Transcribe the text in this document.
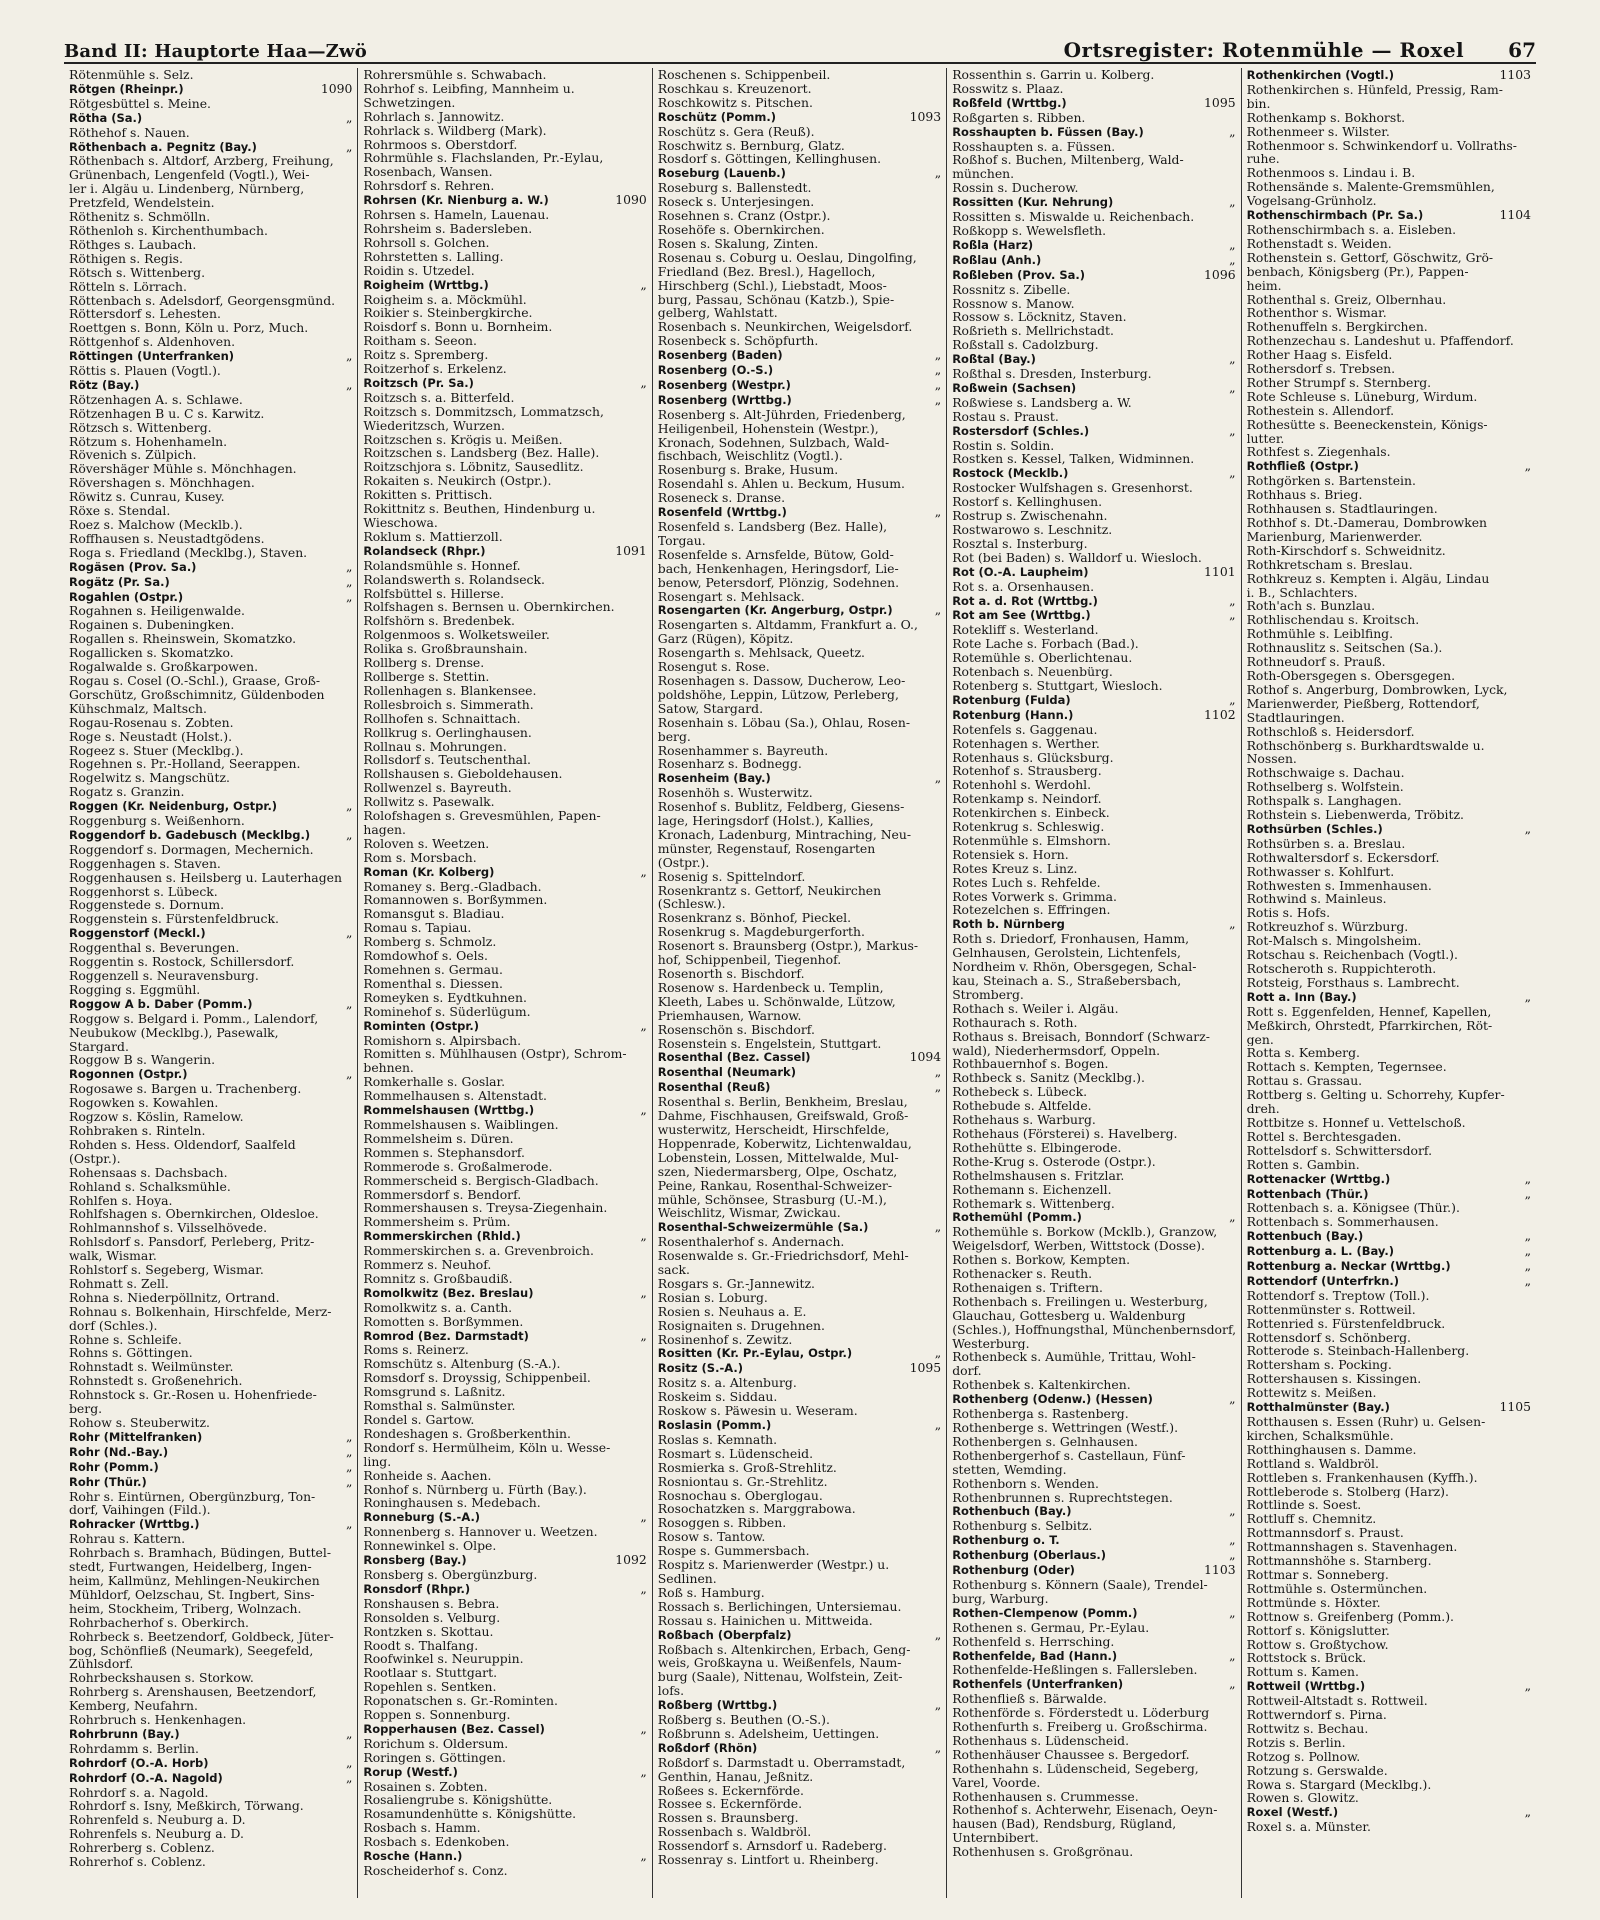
Band II: Hauptorte Haa—Zwö	Ortsregister: Rotenmühle — Roxel 67
Rötenmühle s. Selz.
Rötgen (Rheinpr.)	1090
Rötgesbüttel s. Meine.
Rötha (Sa.)	„
Röthehof s. Nauen.
Röthenbach a. Pegnitz (Bay.)	„
Röthenbach s. Altdorf, Arzberg, Freihung,
Grünenbach, Lengenfeld (Vogtl.), Wei-
ler i. Algäu u. Lindenberg, Nürnberg,
Pretzfeld, Wendelstein.
Röthenitz s. Schmölln.
Röthenloh s. Kirchenthumbach.
Röthges s. Laubach.
Röthigen s. Regis.
Rötsch s. Wittenberg.
Rötteln s. Lörrach.
Röttenbach s. Adelsdorf, Georgensgmünd.
Röttersdorf s. Lehesten.
Roettgen s. Bonn, Köln u. Porz, Much.
Röttgenhof s. Aldenhoven.
Röttingen (Unterfranken)	„
Röttis s. Plauen (Vogtl.).
Rötz (Bay.)	„
Rötzenhagen A. s. Schlawe.
Rötzenhagen B u. C s. Karwitz.
Rötzsch s. Wittenberg.
Rötzum s. Hohenhameln.
Rövenich s. Zülpich.
Rövershäger Mühle s. Mönchhagen.
Rövershagen s. Mönchhagen.
Röwitz s. Cunrau, Kusey.
Röxe s. Stendal.
Roez s. Malchow (Mecklb.).
Roffhausen s. Neustadtgödens.
Roga s. Friedland (Mecklbg.), Staven.
Rogäsen (Prov. Sa.)	„
Rogätz (Pr. Sa.)	„
Rogahlen (Ostpr.)	„
Rogahnen s. Heiligenwalde.
Rogainen s. Dubeningken.
Rogallen s. Rheinswein, Skomatzko.
Rogallicken s. Skomatzko.
Rogalwalde s. Großkarpowen.
Rogau s. Cosel (O.-Schl.), Graase, Groß-
Gorschütz, Großschimnitz, Güldenboden
Kühschmalz, Maltsch.
Rogau-Rosenau s. Zobten.
Roge s. Neustadt (Holst.).
Rogeez s. Stuer (Mecklbg.).
Rogehnen s. Pr.-Holland, Seerappen.
Rogelwitz s. Mangschütz.
Rogatz s. Granzin.
Roggen (Kr. Neidenburg, Ostpr.)	„
Roggenburg s. Weißenhorn.
Roggendorf b. Gadebusch (Mecklbg.)	„
Roggendorf s. Dormagen, Mechernich.
Roggenhagen s. Staven.
Roggenhausen s. Heilsberg u. Lauterhagen
Roggenhorst s. Lübeck.
Roggenstede s. Dornum.
Roggenstein s. Fürstenfeldbruck.
Roggenstorf (Meckl.)	„
Roggenthal s. Beverungen.
Roggentin s. Rostock, Schillersdorf.
Roggenzell s. Neuravensburg.
Rogging s. Eggmühl.
Roggow A b. Daber (Pomm.)	„
Roggow s. Belgard i. Pomm., Lalendorf,
Neubukow (Mecklbg.), Pasewalk,
Stargard.
Roggow B s. Wangerin.
Rogonnen (Ostpr.)	„
Rogosawe s. Bargen u. Trachenberg.
Rogowken s. Kowahlen.
Rogzow s. Köslin, Ramelow.
Rohbraken s. Rinteln.
Rohden s. Hess. Oldendorf, Saalfeld
(Ostpr.).
Rohensaas s. Dachsbach.
Rohland s. Schalksmühle.
Rohlfen s. Hoya.
Rohlfshagen s. Obernkirchen, Oldesloe.
Rohlmannshof s. Vilsselhövede.
Rohlsdorf s. Pansdorf, Perleberg, Pritz-
walk, Wismar.
Rohlstorf s. Segeberg, Wismar.
Rohmatt s. Zell.
Rohna s. Niederpöllnitz, Ortrand.
Rohnau s. Bolkenhain, Hirschfelde, Merz-
dorf (Schles.).
Rohne s. Schleife.
Rohns s. Göttingen.
Rohnstadt s. Weilmünster.
Rohnstedt s. Großenehrich.
Rohnstock s. Gr.-Rosen u. Hohenfriede-
berg.
Rohow s. Steuberwitz.
Rohr (Mittelfranken)	„
Rohr (Nd.-Bay.)	„
Rohr (Pomm.)	„
Rohr (Thür.)	„
Rohr s. Eintürnen, Obergünzburg, Ton-
dorf, Vaihingen (Fild.).
Rohracker (Wrttbg.)	„
Rohrau s. Kattern.
Rohrbach s. Bramhach, Büdingen, Buttel-
stedt, Furtwangen, Heidelberg, Ingen-
heim, Kallmünz, Mehlingen-Neukirchen
Mühldorf, Oelzschau, St. Ingbert, Sins-
heim, Stockheim, Triberg, Wolnzach.
Rohrbacherhof s. Oberkirch.
Rohrbeck s. Beetzendorf, Goldbeck, Jüter-
bog, Schönfließ (Neumark), Seegefeld,
Zühlsdorf.
Rohrbeckshausen s. Storkow.
Rohrberg s. Arenshausen, Beetzendorf,
Kemberg, Neufahrn.
Rohrbruch s. Henkenhagen.
Rohrbrunn (Bay.)	„
Rohrdamm s. Berlin.
Rohrdorf (O.-A. Horb)	„
Rohrdorf (O.-A. Nagold)	„
Rohrdorf s. a. Nagold.
Rohrdorf s. Isny, Meßkirch, Törwang.
Rohrenfeld s. Neuburg a. D.
Rohrenfels s. Neuburg a. D.
Rohrerberg s. Coblenz.
Rohrerhof s. Coblenz.
Rohrersmühle s. Schwabach.
Rohrhof s. Leibfing, Mannheim u.
Schwetzingen.
Rohrlach s. Jannowitz.
Rohrlack s. Wildberg (Mark).
Rohrmoos s. Oberstdorf.
Rohrmühle s. Flachslanden, Pr.-Eylau,
Rosenbach, Wansen.
Rohrsdorf s. Rehren.
Rohrsen (Kr. Nienburg a. W.)	1090
Rohrsen s. Hameln, Lauenau.
Rohrsheim s. Badersleben.
Rohrsoll s. Golchen.
Rohrstetten s. Lalling.
Roidin s. Utzedel.
Roigheim (Wrttbg.)	„
Roigheim s. a. Möckmühl.
Roikier s. Steinbergkirche.
Roisdorf s. Bonn u. Bornheim.
Roitham s. Seeon.
Roitz s. Spremberg.
Roitzerhof s. Erkelenz.
Roitzsch (Pr. Sa.)	„
Roitzsch s. a. Bitterfeld.
Roitzsch s. Dommitzsch, Lommatzsch,
Wiederitzsch, Wurzen.
Roitzschen s. Krögis u. Meißen.
Roitzschen s. Landsberg (Bez. Halle).
Roitzschjora s. Löbnitz, Sausedlitz.
Rokaiten s. Neukirch (Ostpr.).
Rokitten s. Prittisch.
Rokittnitz s. Beuthen, Hindenburg u.
Wieschowa.
Roklum s. Mattierzoll.
Rolandseck (Rhpr.)	1091
Rolandsmühle s. Honnef.
Rolandswerth s. Rolandseck.
Rolfsbüttel s. Hillerse.
Rolfshagen s. Bernsen u. Obernkirchen.
Rolfshörn s. Bredenbek.
Rolgenmoos s. Wolketsweiler.
Rolika s. Großbraunshain.
Rollberg s. Drense.
Rollberge s. Stettin.
Rollenhagen s. Blankensee.
Rollesbroich s. Simmerath.
Rollhofen s. Schnaittach.
Rollkrug s. Oerlinghausen.
Rollnau s. Mohrungen.
Rollsdorf s. Teutschenthal.
Rollshausen s. Gieboldehausen.
Rollwenzel s. Bayreuth.
Rollwitz s. Pasewalk.
Rolofshagen s. Grevesmühlen, Papen-
hagen.
Roloven s. Weetzen.
Rom s. Morsbach.
Roman (Kr. Kolberg)	„
Romaney s. Berg.-Gladbach.
Romannowen s. Borßymmen.
Romansgut s. Bladiau.
Romau s. Tapiau.
Romberg s. Schmolz.
Romdowhof s. Oels.
Romehnen s. Germau.
Romenthal s. Diessen.
Romeyken s. Eydtkuhnen.
Rominehof s. Süderlügum.
Rominten (Ostpr.)	„
Romishorn s. Alpirsbach.
Romitten s. Mühlhausen (Ostpr), Schrom-
behnen.
Romkerhalle s. Goslar.
Rommelhausen s. Altenstadt.
Rommelshausen (Wrttbg.)	„
Rommelshausen s. Waiblingen.
Rommelsheim s. Düren.
Rommen s. Stephansdorf.
Rommerode s. Großalmerode.
Rommerscheid s. Bergisch-Gladbach.
Rommersdorf s. Bendorf.
Rommershausen s. Treysa-Ziegenhain.
Rommersheim s. Prüm.
Rommerskirchen (Rhld.)	„
Rommerskirchen s. a. Grevenbroich.
Rommerz s. Neuhof.
Romnitz s. Großbaudiß.
Romolkwitz (Bez. Breslau)	„
Romolkwitz s. a. Canth.
Romotten s. Borßymmen.
Romrod (Bez. Darmstadt)	„
Roms s. Reinerz.
Romschütz s. Altenburg (S.-A.).
Romsdorf s. Droyssig, Schippenbeil.
Romsgrund s. Laßnitz.
Romsthal s. Salmünster.
Rondel s. Gartow.
Rondeshagen s. Großberkenthin.
Rondorf s. Hermülheim, Köln u. Wesse-
ling.
Ronheide s. Aachen.
Ronhof s. Nürnberg u. Fürth (Bay.).
Roninghausen s. Medebach.
Ronneburg (S.-A.)	„
Ronnenberg s. Hannover u. Weetzen.
Ronnewinkel s. Olpe.
Ronsberg (Bay.)	1092
Ronsberg s. Obergünzburg.
Ronsdorf (Rhpr.)	„
Ronshausen s. Bebra.
Ronsolden s. Velburg.
Rontzken s. Skottau.
Roodt s. Thalfang.
Roofwinkel s. Neuruppin.
Rootlaar s. Stuttgart.
Ropehlen s. Sentken.
Roponatschen s. Gr.-Rominten.
Roppen s. Sonnenburg.
Ropperhausen (Bez. Cassel)	„
Rorichum s. Oldersum.
Roringen s. Göttingen.
Rorup (Westf.)	„
Rosainen s. Zobten.
Rosaliengrube s. Königshütte.
Rosamundenhütte s. Königshütte.
Rosbach s. Hamm.
Rosbach s. Edenkoben.
Rosche (Hann.)	„
Roscheiderhof s. Conz.
Roschenen s. Schippenbeil.
Roschkau s. Kreuzenort.
Roschkowitz s. Pitschen.
Roschütz (Pomm.)	1093
Roschütz s. Gera (Reuß).
Roschwitz s. Bernburg, Glatz.
Rosdorf s. Göttingen, Kellinghusen.
Roseburg (Lauenb.)	„
Roseburg s. Ballenstedt.
Roseck s. Unterjesingen.
Rosehnen s. Cranz (Ostpr.).
Rosehöfe s. Obernkirchen.
Rosen s. Skalung, Zinten.
Rosenau s. Coburg u. Oeslau, Dingolfing,
Friedland (Bez. Bresl.), Hagelloch,
Hirschberg (Schl.), Liebstadt, Moos-
burg, Passau, Schönau (Katzb.), Spie-
gelberg, Wahlstatt.
Rosenbach s. Neunkirchen, Weigelsdorf.
Rosenbeck s. Schöpfurth.
Rosenberg (Baden)	„
Rosenberg (O.-S.)	„
Rosenberg (Westpr.)	„
Rosenberg (Wrttbg.)	„
Rosenberg s. Alt-Jührden, Friedenberg,
Heiligenbeil, Hohenstein (Westpr.),
Kronach, Sodehnen, Sulzbach, Wald-
fischbach, Weischlitz (Vogtl.).
Rosenburg s. Brake, Husum.
Rosendahl s. Ahlen u. Beckum, Husum.
Roseneck s. Dranse.
Rosenfeld (Wrttbg.)	„
Rosenfeld s. Landsberg (Bez. Halle),
Torgau.
Rosenfelde s. Arnsfelde, Bütow, Gold-
bach, Henkenhagen, Heringsdorf, Lie-
benow, Petersdorf, Plönzig, Sodehnen.
Rosengart s. Mehlsack.
Rosengarten (Kr. Angerburg, Ostpr.)	„
Rosengarten s. Altdamm, Frankfurt a. O.,
Garz (Rügen), Köpitz.
Rosengarth s. Mehlsack, Queetz.
Rosengut s. Rose.
Rosenhagen s. Dassow, Ducherow, Leo-
poldshöhe, Leppin, Lützow, Perleberg,
Satow, Stargard.
Rosenhain s. Löbau (Sa.), Ohlau, Rosen-
berg.
Rosenhammer s. Bayreuth.
Rosenharz s. Bodnegg.
Rosenheim (Bay.)	„
Rosenhöh s. Wusterwitz.
Rosenhof s. Bublitz, Feldberg, Giesens-
lage, Heringsdorf (Holst.), Kallies,
Kronach, Ladenburg, Mintraching, Neu-
münster, Regenstauf, Rosengarten
(Ostpr.).
Rosenig s. Spittelndorf.
Rosenkrantz s. Gettorf, Neukirchen
(Schlesw.).
Rosenkranz s. Bönhof, Pieckel.
Rosenkrug s. Magdeburgerforth.
Rosenort s. Braunsberg (Ostpr.), Markus-
hof, Schippenbeil, Tiegenhof.
Rosenorth s. Bischdorf.
Rosenow s. Hardenbeck u. Templin,
Kleeth, Labes u. Schönwalde, Lützow,
Priemhausen, Warnow.
Rosenschön s. Bischdorf.
Rosenstein s. Engelstein, Stuttgart.
Rosenthal (Bez. Cassel)	1094
Rosenthal (Neumark)	„
Rosenthal (Reuß)	„
Rosenthal s. Berlin, Benkheim, Breslau,
Dahme, Fischhausen, Greifswald, Groß-
wusterwitz, Herscheidt, Hirschfelde,
Hoppenrade, Koberwitz, Lichtenwaldau,
Lobenstein, Lossen, Mittelwalde, Mul-
szen, Niedermarsberg, Olpe, Oschatz,
Peine, Rankau, Rosenthal-Schweizer-
mühle, Schönsee, Strasburg (U.-M.),
Weischlitz, Wismar, Zwickau.
Rosenthal-Schweizermühle (Sa.)	„
Rosenthalerhof s. Andernach.
Rosenwalde s. Gr.-Friedrichsdorf, Mehl-
sack.
Rosgars s. Gr.-Jannewitz.
Rosian s. Loburg.
Rosien s. Neuhaus a. E.
Rosignaiten s. Drugehnen.
Rosinenhof s. Zewitz.
Rositten (Kr. Pr.-Eylau, Ostpr.)	„
Rositz (S.-A.)	1095
Rositz s. a. Altenburg.
Roskeim s. Siddau.
Roskow s. Päwesin u. Weseram.
Roslasin (Pomm.)	„
Roslas s. Kemnath.
Rosmart s. Lüdenscheid.
Rosmierka s. Groß-Strehlitz.
Rosniontau s. Gr.-Strehlitz.
Rosnochau s. Oberglogau.
Rosochatzken s. Marggrabowa.
Rosoggen s. Ribben.
Rosow s. Tantow.
Rospe s. Gummersbach.
Rospitz s. Marienwerder (Westpr.) u.
Sedlinen.
Roß s. Hamburg.
Rossach s. Berlichingen, Untersiemau.
Rossau s. Hainichen u. Mittweida.
Roßbach (Oberpfalz)	„
Roßbach s. Altenkirchen, Erbach, Geng-
weis, Großkayna u. Weißenfels, Naum-
burg (Saale), Nittenau, Wolfstein, Zeit-
lofs.
Roßberg (Wrttbg.)	„
Roßberg s. Beuthen (O.-S.).
Roßbrunn s. Adelsheim, Uettingen.
Roßdorf (Rhön)	„
Roßdorf s. Darmstadt u. Oberramstadt,
Genthin, Hanau, Jeßnitz.
Roßees s. Eckernförde.
Rossee s. Eckernförde.
Rossen s. Braunsberg.
Rossenbach s. Waldbröl.
Rossendorf s. Arnsdorf u. Radeberg.
Rossenray s. Lintfort u. Rheinberg.
Rossenthin s. Garrin u. Kolberg.
Rosswitz s. Plaaz.
Roßfeld (Wrttbg.)	1095
Roßgarten s. Ribben.
Rosshaupten b. Füssen (Bay.)	„
Rosshaupten s. a. Füssen.
Roßhof s. Buchen, Miltenberg, Wald-
münchen.
Rossin s. Ducherow.
Rossitten (Kur. Nehrung)	„
Rossitten s. Miswalde u. Reichenbach.
Roßkopp s. Wewelsfleth.
Roßla (Harz)	„
Roßlau (Anh.)	„
Roßleben (Prov. Sa.)	1096
Rossnitz s. Zibelle.
Rossnow s. Manow.
Rossow s. Löcknitz, Staven.
Roßrieth s. Mellrichstadt.
Roßstall s. Cadolzburg.
Roßtal (Bay.)	„
Roßthal s. Dresden, Insterburg.
Roßwein (Sachsen)	„
Roßwiese s. Landsberg a. W.
Rostau s. Praust.
Rostersdorf (Schles.)	„
Rostin s. Soldin.
Rostken s. Kessel, Talken, Widminnen.
Rostock (Mecklb.)	„
Rostocker Wulfshagen s. Gresenhorst.
Rostorf s. Kellinghusen.
Rostrup s. Zwischenahn.
Rostwarowo s. Leschnitz.
Rosztal s. Insterburg.
Rot (bei Baden) s. Walldorf u. Wiesloch.
Rot (O.-A. Laupheim)	1101
Rot s. a. Orsenhausen.
Rot a. d. Rot (Wrttbg.)	„
Rot am See (Wrttbg.)	„
Rotekliff s. Westerland.
Rote Lache s. Forbach (Bad.).
Rotemühle s. Oberlichtenau.
Rotenbach s. Neuenbürg.
Rotenberg s. Stuttgart, Wiesloch.
Rotenburg (Fulda)	„
Rotenburg (Hann.)	1102
Rotenfels s. Gaggenau.
Rotenhagen s. Werther.
Rotenhaus s. Glücksburg.
Rotenhof s. Strausberg.
Rotenhohl s. Werdohl.
Rotenkamp s. Neindorf.
Rotenkirchen s. Einbeck.
Rotenkrug s. Schleswig.
Rotenmühle s. Elmshorn.
Rotensiek s. Horn.
Rotes Kreuz s. Linz.
Rotes Luch s. Rehfelde.
Rotes Vorwerk s. Grimma.
Rotezelchen s. Effringen.
Roth b. Nürnberg	„
Roth s. Driedorf, Fronhausen, Hamm,
Gelnhausen, Gerolstein, Lichtenfels,
Nordheim v. Rhön, Obersgegen, Schal-
kau, Steinach a. S., Straßebersbach,
Stromberg.
Rothach s. Weiler i. Algäu.
Rothaurach s. Roth.
Rothaus s. Breisach, Bonndorf (Schwarz-
wald), Niederhermsdorf, Oppeln.
Rothbauernhof s. Bogen.
Rothbeck s. Sanitz (Mecklbg.).
Rothebeck s. Lübeck.
Rothebude s. Altfelde.
Rothehaus s. Warburg.
Rothehaus (Försterei) s. Havelberg.
Rothehütte s. Elbingerode.
Rothe-Krug s. Osterode (Ostpr.).
Rothelmshausen s. Fritzlar.
Rothemann s. Eichenzell.
Rothemark s. Wittenberg.
Rothemühl (Pomm.)	„
Rothemühle s. Borkow (Mcklb.), Granzow,
Weigelsdorf, Werben, Wittstock (Dosse).
Rothen s. Borkow, Kempten.
Rothenacker s. Reuth.
Rothenaigen s. Triftern.
Rothenbach s. Freilingen u. Westerburg,
Glauchau, Gottesberg u. Waldenburg
(Schles.), Hoffnungsthal, Münchenbernsdorf,
Westerburg.
Rothenbeck s. Aumühle, Trittau, Wohl-
dorf.
Rothenbek s. Kaltenkirchen.
Rothenberg (Odenw.) (Hessen)	„
Rothenberga s. Rastenberg.
Rothenberge s. Wettringen (Westf.).
Rothenbergen s. Gelnhausen.
Rothenbergerhof s. Castellaun, Fünf-
stetten, Wemding.
Rothenborn s. Wenden.
Rothenbrunnen s. Ruprechtstegen.
Rothenbuch (Bay.)	„
Rothenburg s. Selbitz.
Rothenburg o. T.	„
Rothenburg (Oberlaus.)	„
Rothenburg (Oder)	1103
Rothenburg s. Könnern (Saale), Trendel-
burg, Warburg.
Rothen-Clempenow (Pomm.)	„
Rothenen s. Germau, Pr.-Eylau.
Rothenfeld s. Herrsching.
Rothenfelde, Bad (Hann.)	„
Rothenfelde-Heßlingen s. Fallersleben.
Rothenfels (Unterfranken)	„
Rothenfließ s. Bärwalde.
Rothenförde s. Förderstedt u. Löderburg
Rothenfurth s. Freiberg u. Großschirma.
Rothenhaus s. Lüdenscheid.
Rothenhäuser Chaussee s. Bergedorf.
Rothenhahn s. Lüdenscheid, Segeberg,
Varel, Voorde.
Rothenhausen s. Crummesse.
Rothenhof s. Achterwehr, Eisenach, Oeyn-
hausen (Bad), Rendsburg, Rügland,
Unternbibert.
Rothenhusen s. Großgrönau.
Rothenkirchen (Vogtl.)	1103
Rothenkirchen s. Hünfeld, Pressig, Ram-
bin.
Rothenkamp s. Bokhorst.
Rothenmeer s. Wilster.
Rothenmoor s. Schwinkendorf u. Vollraths-
ruhe.
Rothenmoos s. Lindau i. B.
Rothensände s. Malente-Gremsmühlen,
Vogelsang-Grünholz.
Rothenschirmbach (Pr. Sa.)	1104
Rothenschirmbach s. a. Eisleben.
Rothenstadt s. Weiden.
Rothenstein s. Gettorf, Göschwitz, Grö-
benbach, Königsberg (Pr.), Pappen-
heim.
Rothenthal s. Greiz, Olbernhau.
Rothenthor s. Wismar.
Rothenuffeln s. Bergkirchen.
Rothenzechau s. Landeshut u. Pfaffendorf.
Rother Haag s. Eisfeld.
Rothersdorf s. Trebsen.
Rother Strumpf s. Sternberg.
Rote Schleuse s. Lüneburg, Wirdum.
Rothestein s. Allendorf.
Rothesütte s. Beeneckenstein, Königs-
lutter.
Rothfest s. Ziegenhals.
Rothfließ (Ostpr.)	„
Rothgörken s. Bartenstein.
Rothhaus s. Brieg.
Rothhausen s. Stadtlauringen.
Rothhof s. Dt.-Damerau, Dombrowken
Marienburg, Marienwerder.
Roth-Kirschdorf s. Schweidnitz.
Rothkretscham s. Breslau.
Rothkreuz s. Kempten i. Algäu, Lindau
i. B., Schlachters.
Roth'ach s. Bunzlau.
Rothlischendau s. Kroitsch.
Rothmühle s. Leiblfing.
Rothnauslitz s. Seitschen (Sa.).
Rothneudorf s. Prauß.
Roth-Obersgegen s. Obersgegen.
Rothof s. Angerburg, Dombrowken, Lyck,
Marienwerder, Pießberg, Rottendorf,
Stadtlauringen.
Rothschloß s. Heidersdorf.
Rothschönberg s. Burkhardtswalde u.
Nossen.
Rothschwaige s. Dachau.
Rothselberg s. Wolfstein.
Rothspalk s. Langhagen.
Rothstein s. Liebenwerda, Tröbitz.
Rothsürben (Schles.)	„
Rothsürben s. a. Breslau.
Rothwaltersdorf s. Eckersdorf.
Rothwasser s. Kohlfurt.
Rothwesten s. Immenhausen.
Rothwind s. Mainleus.
Rotis s. Hofs.
Rotkreuzhof s. Würzburg.
Rot-Malsch s. Mingolsheim.
Rotschau s. Reichenbach (Vogtl.).
Rotscheroth s. Ruppichteroth.
Rotsteig, Forsthaus s. Lambrecht.
Rott a. Inn (Bay.)	„
Rott s. Eggenfelden, Hennef, Kapellen,
Meßkirch, Ohrstedt, Pfarrkirchen, Röt-
gen.
Rotta s. Kemberg.
Rottach s. Kempten, Tegernsee.
Rottau s. Grassau.
Rottberg s. Gelting u. Schorrehy, Kupfer-
dreh.
Rottbitze s. Honnef u. Vettelschoß.
Rottel s. Berchtesgaden.
Rottelsdorf s. Schwittersdorf.
Rotten s. Gambin.
Rottenacker (Wrttbg.)	„
Rottenbach (Thür.)	„
Rottenbach s. a. Königsee (Thür.).
Rottenbach s. Sommerhausen.
Rottenbuch (Bay.)	„
Rottenburg a. L. (Bay.)	„
Rottenburg a. Neckar (Wrttbg.)	„
Rottendorf (Unterfrkn.)	„
Rottendorf s. Treptow (Toll.).
Rottenmünster s. Rottweil.
Rottenried s. Fürstenfeldbruck.
Rottensdorf s. Schönberg.
Rotterode s. Steinbach-Hallenberg.
Rottersham s. Pocking.
Rottershausen s. Kissingen.
Rottewitz s. Meißen.
Rotthalmünster (Bay.)	1105
Rotthausen s. Essen (Ruhr) u. Gelsen-
kirchen, Schalksmühle.
Rotthinghausen s. Damme.
Rottland s. Waldbröl.
Rottleben s. Frankenhausen (Kyffh.).
Rottleberode s. Stolberg (Harz).
Rottlinde s. Soest.
Rottluff s. Chemnitz.
Rottmannsdorf s. Praust.
Rottmannshagen s. Stavenhagen.
Rottmannshöhe s. Starnberg.
Rottmar s. Sonneberg.
Rottmühle s. Ostermünchen.
Rottmünde s. Höxter.
Rottnow s. Greifenberg (Pomm.).
Rottorf s. Königslutter.
Rottow s. Großtychow.
Rottstock s. Brück.
Rottum s. Kamen.
Rottweil (Wrttbg.)	„
Rottweil-Altstadt s. Rottweil.
Rottwerndorf s. Pirna.
Rottwitz s. Bechau.
Rotzis s. Berlin.
Rotzog s. Pollnow.
Rotzung s. Gerswalde.
Rowa s. Stargard (Mecklbg.).
Rowen s. Glowitz.
Roxel (Westf.)	„
Roxel s. a. Münster.
